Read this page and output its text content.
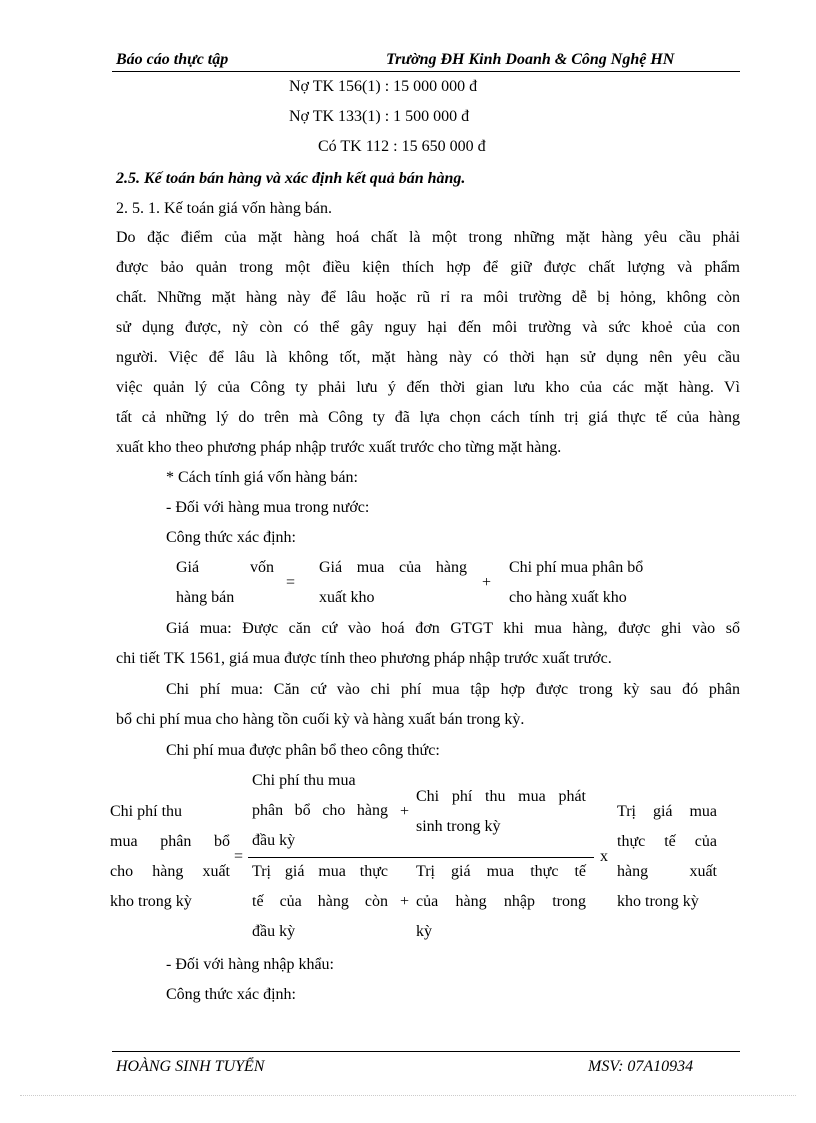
Báo cáo thực tập	Trường ĐH Kinh Doanh & Công Nghệ HN
Nợ TK 156(1) : 15 000 000 đ
Nợ TK 133(1) : 1 500 000 đ
Có TK 112 : 15 650 000 đ
2.5. Kế toán bán hàng và xác định kết quả bán hàng.
2. 5. 1. Kế toán giá vốn hàng bán.
Do đặc điểm của mặt hàng hoá chất là một trong những mặt hàng yêu cầu phải
được bảo quản trong một điều kiện thích hợp để giữ được chất lượng và phẩm
chất. Những mặt hàng này để lâu hoặc rũ rỉ ra môi trường dễ bị hỏng, không còn
sử dụng được, nỳ còn có thể gây nguy hại đến môi trường và sức khoẻ của con
người. Việc để lâu là không tốt, mặt hàng này có thời hạn sử dụng nên yêu cầu
việc quản lý của Công ty phải lưu ý đến thời gian lưu kho của các mặt hàng. Vì
tất cả những lý do trên mà Công ty đã lựa chọn cách tính trị giá thực tế của hàng
xuất kho theo phương pháp nhập trước xuất trước cho từng mặt hàng.
* Cách tính giá vốn hàng bán:
- Đối với hàng mua trong nước:
Công thức xác định:
Giá vốn
hàng bán
=
Giá mua của hàng
xuất kho
+
Chi phí mua phân bổ
cho hàng xuất kho
Giá mua: Được căn cứ vào hoá đơn GTGT khi mua hàng, được ghi vào sổ
chi tiết TK 1561, giá mua được tính theo phương pháp nhập trước xuất trước.
Chi phí mua: Căn cứ vào chi phí mua tập hợp được trong kỳ sau đó phân
bổ chi phí mua cho hàng tồn cuối kỳ và hàng xuất bán trong kỳ.
Chi phí mua được phân bổ theo công thức:
Chi phí thu
mua phân bổ
cho hàng xuất
kho trong kỳ
=
Chi phí thu mua
phân bổ cho hàng
đầu kỳ
+
Chi phí thu mua phát
sinh trong kỳ
x
Trị giá mua thực
tế của hàng còn
đầu kỳ
+
Trị giá mua thực tế
của hàng nhập trong
kỳ
Trị giá mua
thực tế của
hàng xuất
kho trong kỳ
- Đối với hàng nhập khẩu:
Công thức xác định:
HOÀNG SINH TUYỂN	MSV: 07A10934
